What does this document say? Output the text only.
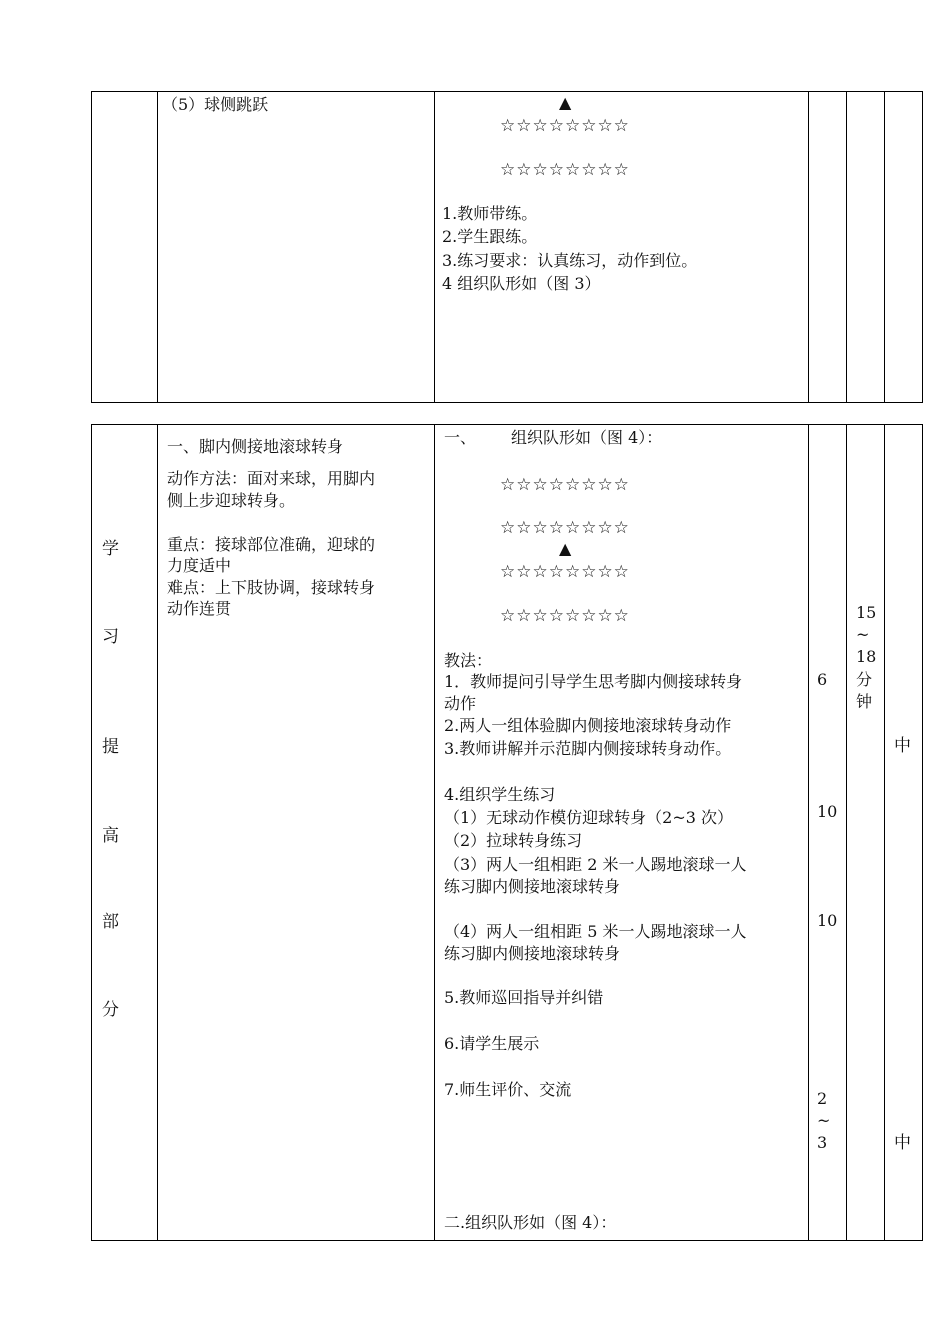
（5）球侧跳跃	▲
☆☆☆☆☆☆☆☆
☆☆☆☆☆☆☆☆
1.教师带练。
2.学生跟练。
3.练习要求：认真练习，动作到位。
4 组织队形如（图 3）
学
习
提
高
部
分
一、脚内侧接地滚球转身
动作方法：面对来球，用脚内
侧上步迎球转身。
重点：接球部位准确，迎球的
力度适中
难点：上下肢协调，接球转身
动作连贯
一、 组织队形如（图 4）：
☆☆☆☆☆☆☆☆
☆☆☆☆☆☆☆☆
▲
☆☆☆☆☆☆☆☆
☆☆☆☆☆☆☆☆
教法：
1．教师提问引导学生思考脚内侧接球转身
动作
2.两人一组体验脚内侧接地滚球转身动作
3.教师讲解并示范脚内侧接球转身动作。
4.组织学生练习
（1）无球动作模仿迎球转身（2~3 次）
（2）拉球转身练习
（3）两人一组相距 2 米一人踢地滚球一人
练习脚内侧接地滚球转身
（4）两人一组相距 5 米一人踢地滚球一人
练习脚内侧接地滚球转身
5.教师巡回指导并纠错
6.请学生展示
7.师生评价、交流
二.组织队形如（图 4）：
6
10
10
2
~
3
15
~
18
分
钟
中
中
